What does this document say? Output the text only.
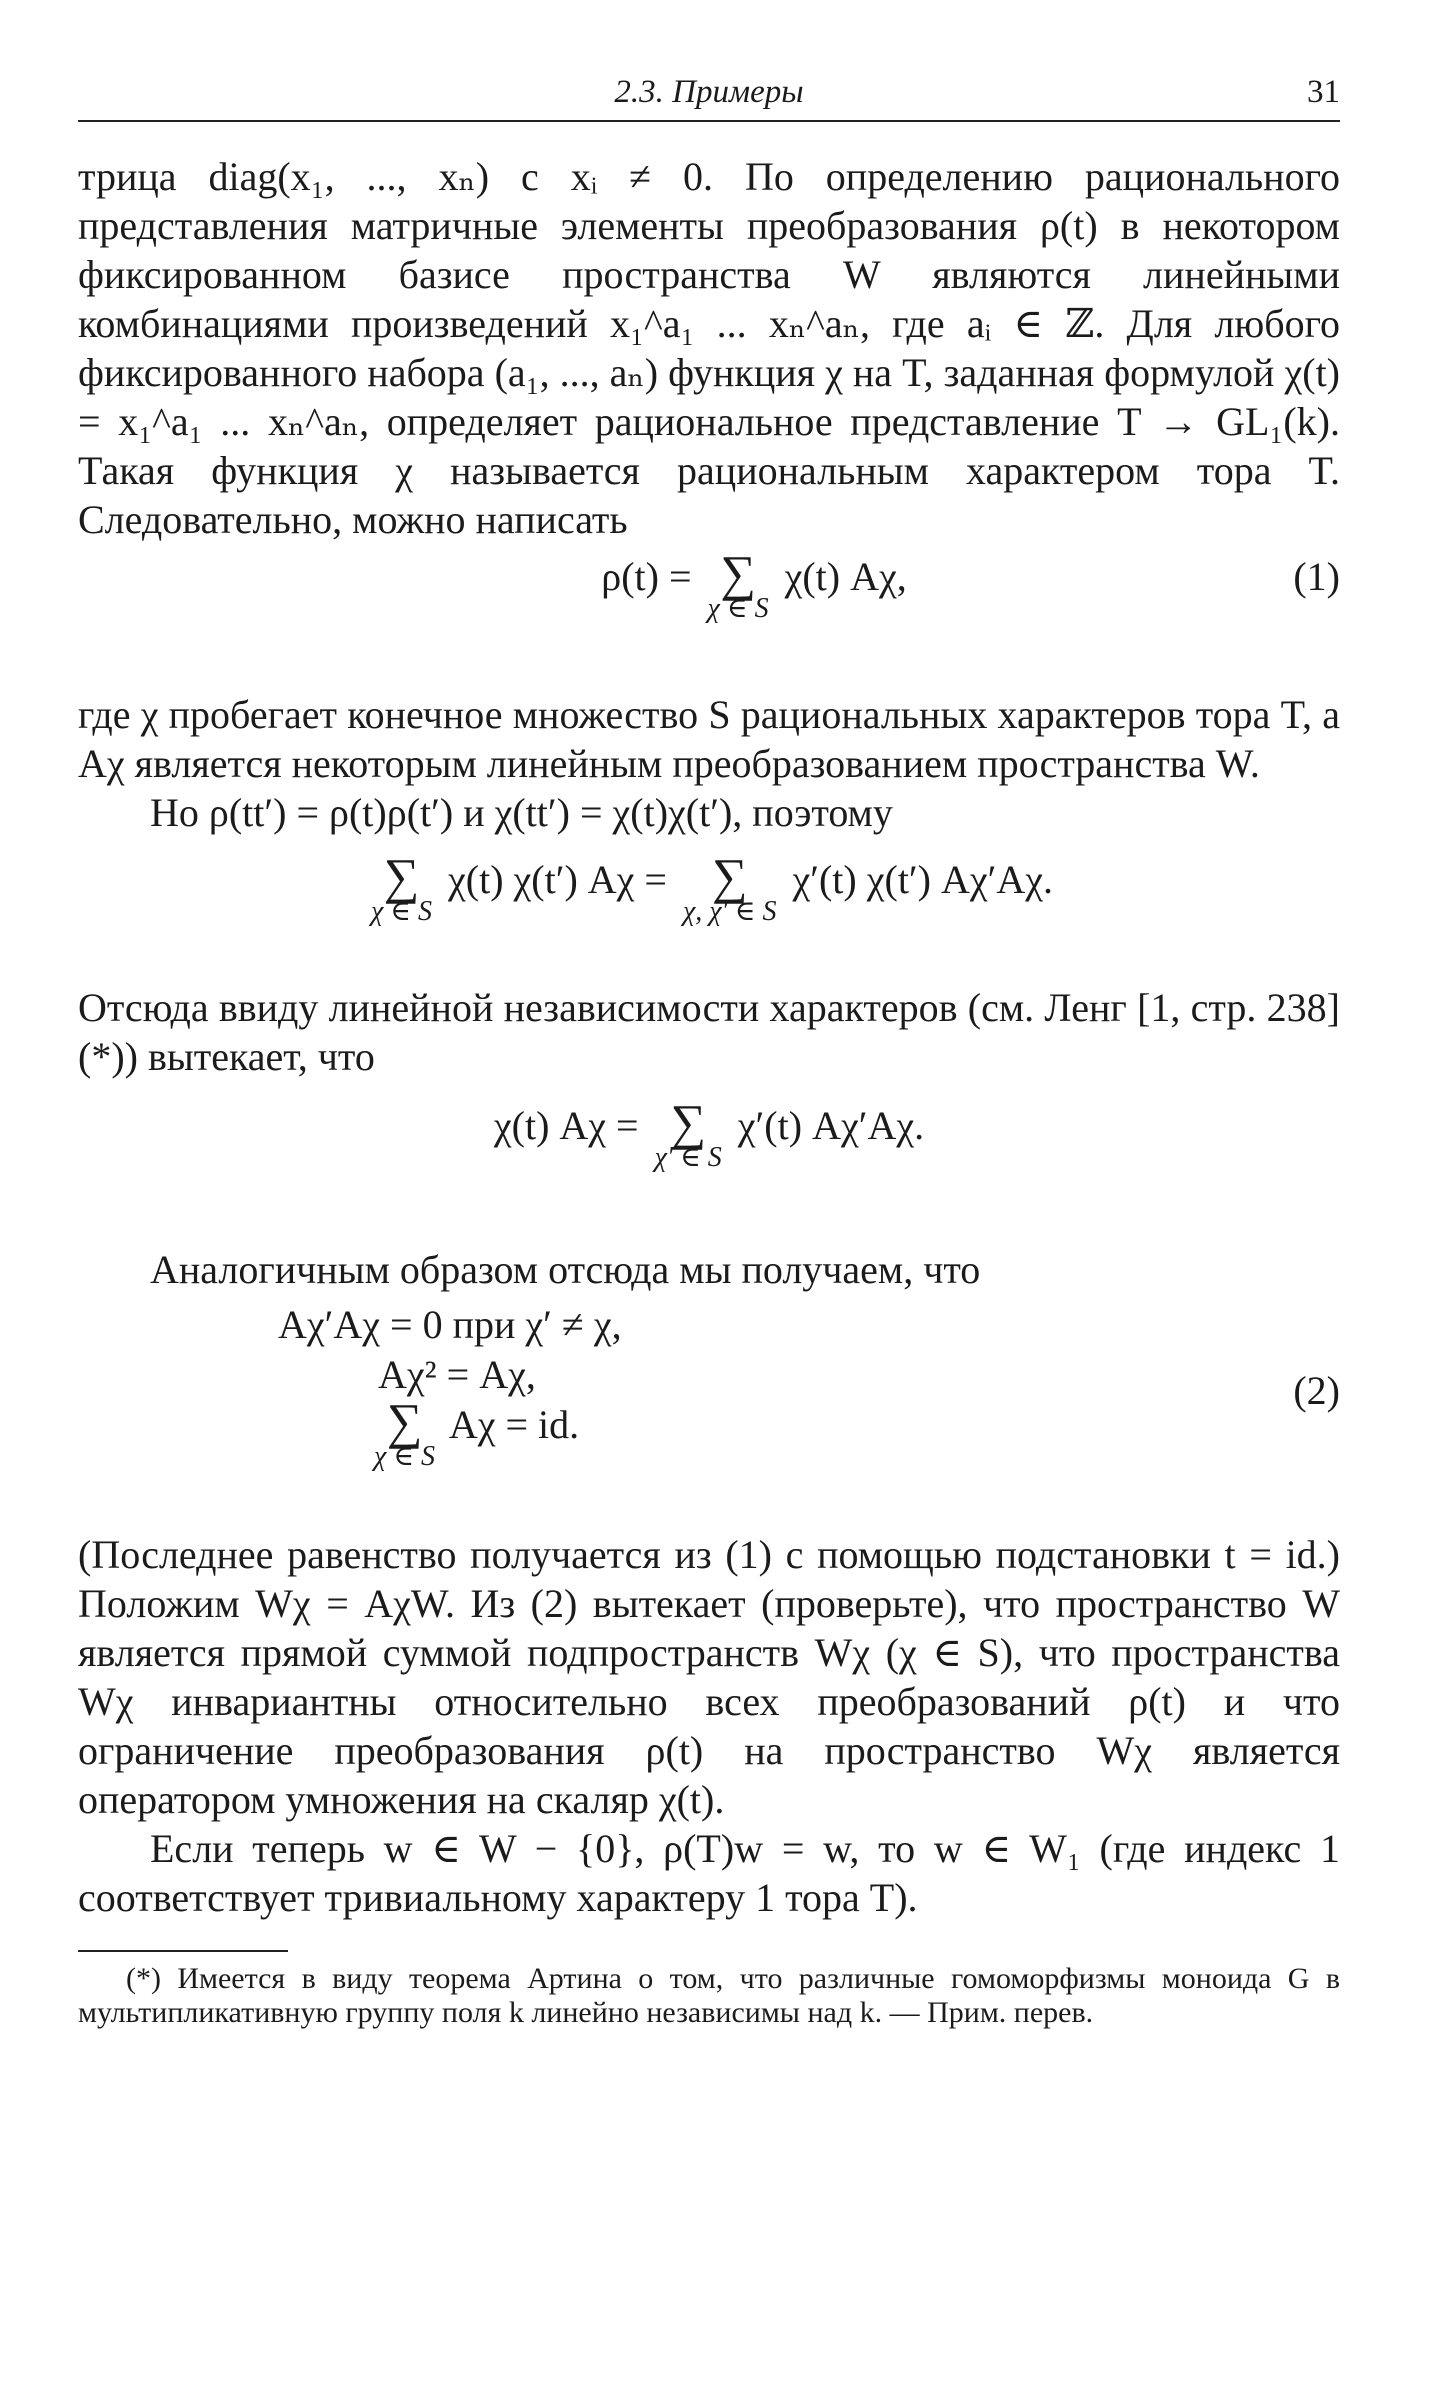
2.3. Примеры	31

трица diag(x₁, ..., xₙ) с xᵢ ≠ 0. По определению рационального представления матричные элементы преобразования ρ(t) в некотором фиксированном базисе пространства W являются линейными комбинациями произведений x₁^a₁ ... xₙ^aₙ, где aᵢ ∈ ℤ. Для любого фиксированного набора (a₁, ..., aₙ) функция χ на T, заданная формулой χ(t) = x₁^a₁ ... xₙ^aₙ, определяет рациональное представление T → GL₁(k). Такая функция χ называется рациональным характером тора T. Следовательно, можно написать

ρ(t) = ∑
χ ∈ S
χ(t) Aχ,	(1)

где χ пробегает конечное множество S рациональных характеров тора T, а Aχ является некоторым линейным преобразованием пространства W.

Но ρ(tt′) = ρ(t)ρ(t′) и χ(tt′) = χ(t)χ(t′), поэтому

∑
χ ∈ S
χ(t) χ(t′) Aχ = ∑
χ, χ′ ∈ S
χ′(t) χ(t′) Aχ′Aχ.

Отсюда ввиду линейной независимости характеров (см. Ленг [1, стр. 238] (*)) вытекает, что

χ(t) Aχ = ∑
χ′ ∈ S
χ′(t) Aχ′Aχ.

Аналогичным образом отсюда мы получаем, что

Aχ′Aχ = 0 при χ′ ≠ χ,
Aχ² = Aχ,
∑
χ ∈ S
Aχ = id.
(2)

(Последнее равенство получается из (1) с помощью подстановки t = id.) Положим Wχ = AχW. Из (2) вытекает (проверьте), что пространство W является прямой суммой подпространств Wχ (χ ∈ S), что пространства Wχ инвариантны относительно всех преобразований ρ(t) и что ограничение преобразования ρ(t) на пространство Wχ является оператором умножения на скаляр χ(t).

Если теперь w ∈ W − {0}, ρ(T)w = w, то w ∈ W₁ (где индекс 1 соответствует тривиальному характеру 1 тора T).

(*) Имеется в виду теорема Артина о том, что различные гомоморфизмы моноида G в мультипликативную группу поля k линейно независимы над k. — Прим. перев.
